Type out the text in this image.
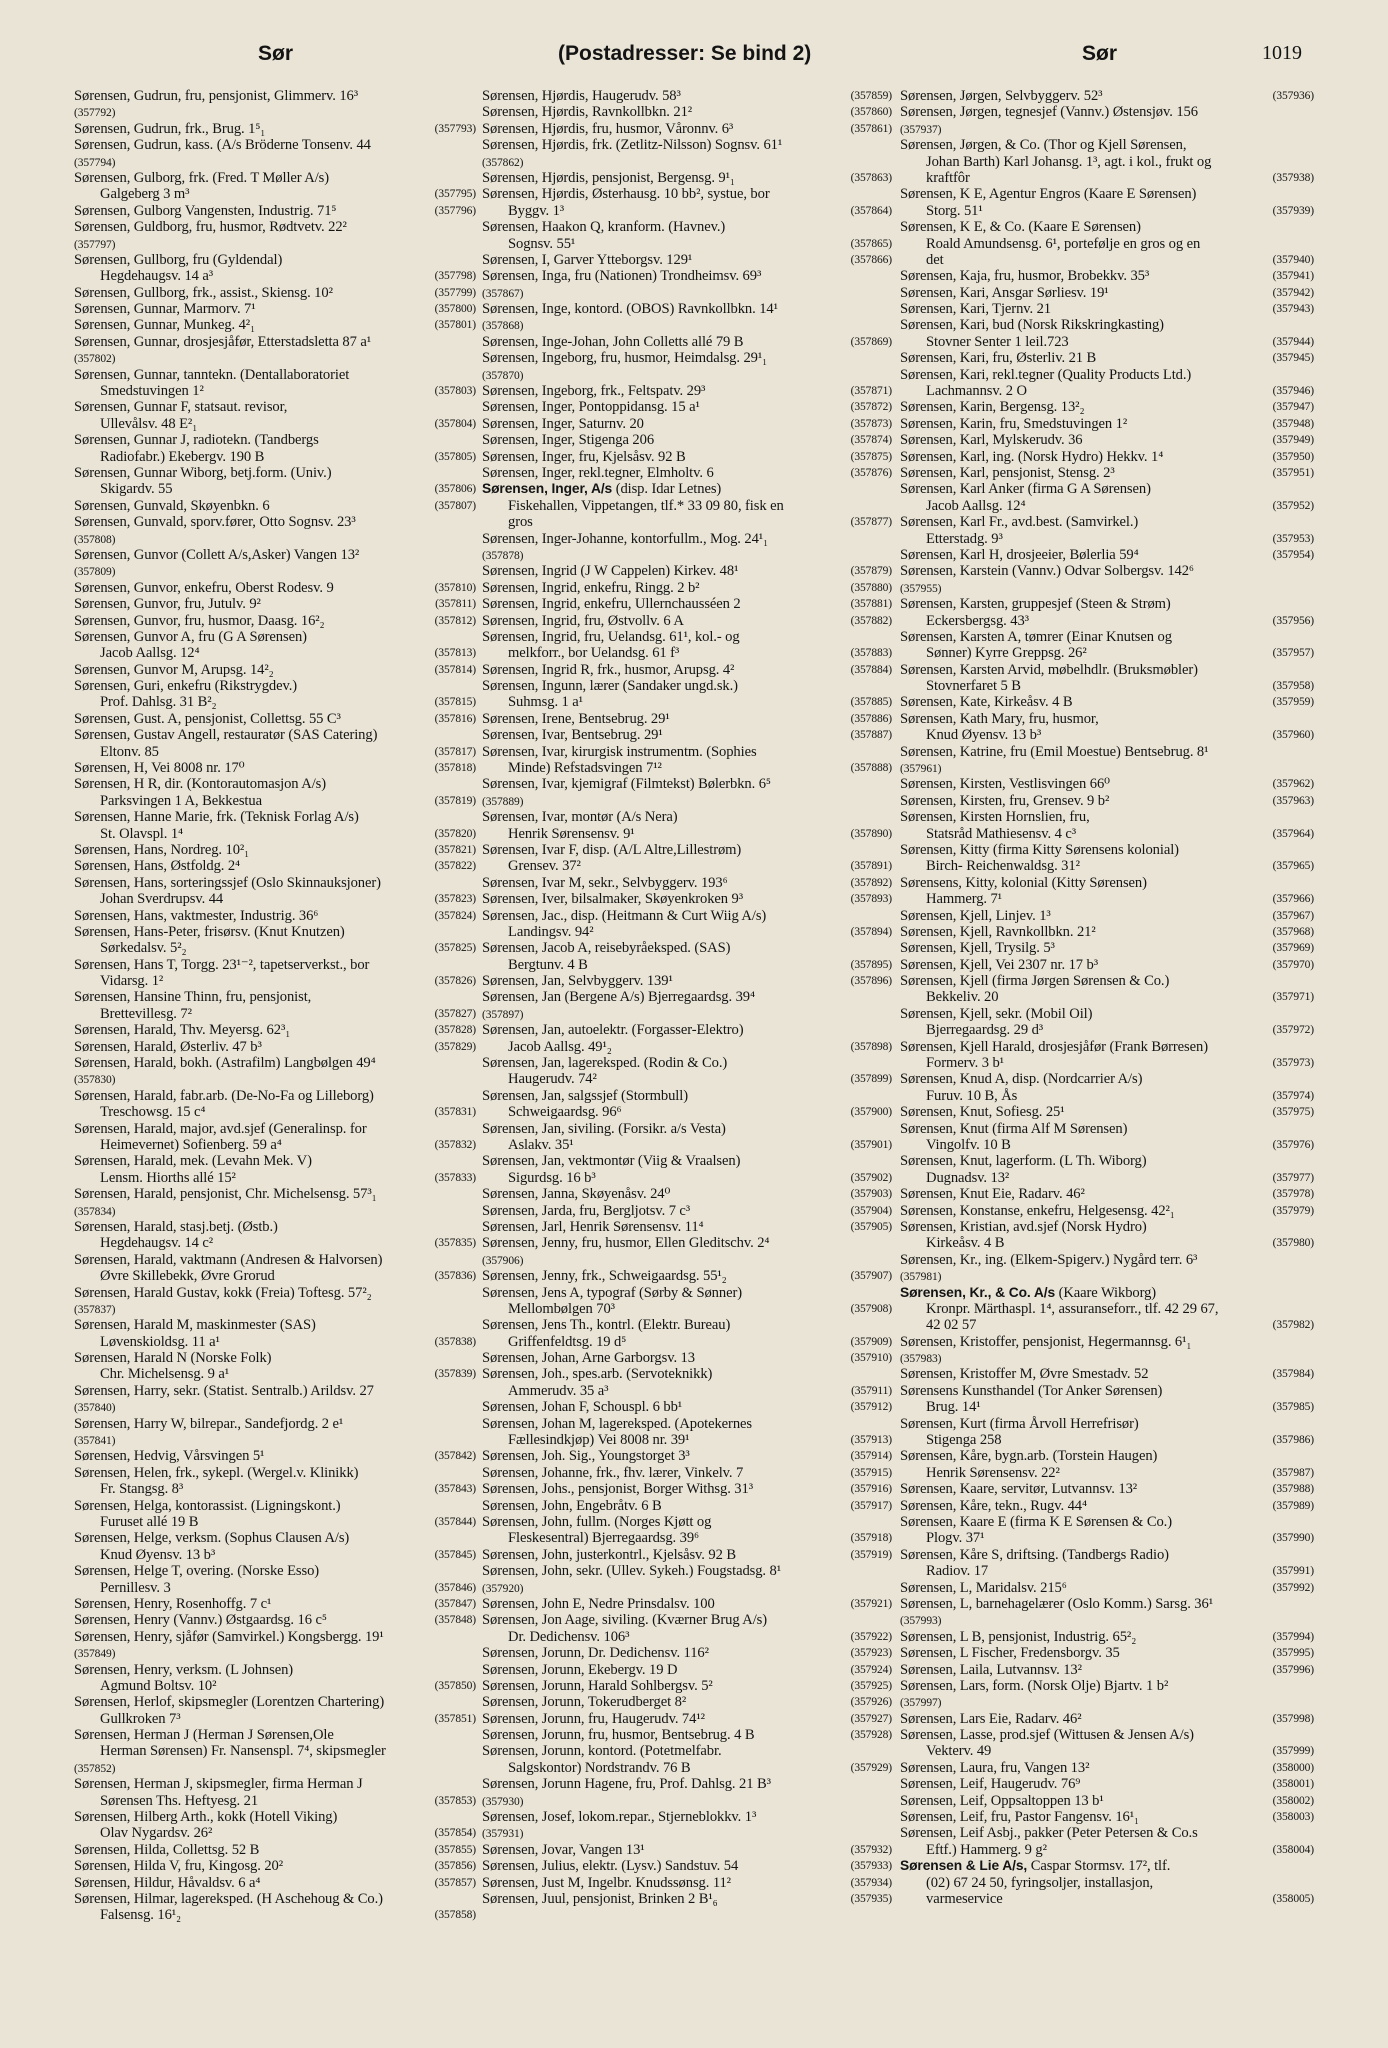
Sør	(Postadresser: Se bind 2)	Sør	1019
Sørensen, Gudrun, fru, pensjonist, Glimmerv. 16³
(357792)
Sørensen, Gudrun, frk., Brug. 1⁵₁	(357793)
Sørensen, Gudrun, kass. (A/s Bröderne Tonsenv. 44
(357794)
Sørensen, Gulborg, frk. (Fred. T Møller A/s)
Galgeberg 3 m³	(357795)
Sørensen, Gulborg Vangensten, Industrig. 71⁵	(357796)
Sørensen, Guldborg, fru, husmor, Rødtvetv. 22²
(357797)
Sørensen, Gullborg, fru (Gyldendal)
Hegdehaugsv. 14 a³	(357798)
Sørensen, Gullborg, frk., assist., Skiensg. 10²	(357799)
Sørensen, Gunnar, Marmorv. 7¹	(357800)
Sørensen, Gunnar, Munkeg. 4²₁	(357801)
Sørensen, Gunnar, drosjesjåfør, Etterstadsletta 87 a¹
(357802)
Sørensen, Gunnar, tanntekn. (Dentallaboratoriet
Smedstuvingen 1²	(357803)
Sørensen, Gunnar F, statsaut. revisor,
Ullevålsv. 48 E²₁	(357804)
Sørensen, Gunnar J, radiotekn. (Tandbergs
Radiofabr.) Ekebergv. 190 B	(357805)
Sørensen, Gunnar Wiborg, betj.form. (Univ.)
Skigardv. 55	(357806)
Sørensen, Gunvald, Skøyenbkn. 6	(357807)
Sørensen, Gunvald, sporv.fører, Otto Sognsv. 23³
(357808)
Sørensen, Gunvor (Collett A/s,Asker) Vangen 13²
(357809)
Sørensen, Gunvor, enkefru, Oberst Rodesv. 9	(357810)
Sørensen, Gunvor, fru, Jutulv. 9²	(357811)
Sørensen, Gunvor, fru, husmor, Daasg. 16²₂	(357812)
Sørensen, Gunvor A, fru (G A Sørensen)
Jacob Aallsg. 12⁴	(357813)
Sørensen, Gunvor M, Arupsg. 14²₂	(357814)
Sørensen, Guri, enkefru (Rikstrygdev.)
Prof. Dahlsg. 31 B²₂	(357815)
Sørensen, Gust. A, pensjonist, Collettsg. 55 C³	(357816)
Sørensen, Gustav Angell, restauratør (SAS Catering)
Eltonv. 85	(357817)
Sørensen, H, Vei 8008 nr. 17⁰	(357818)
Sørensen, H R, dir. (Kontorautomasjon A/s)
Parksvingen 1 A, Bekkestua	(357819)
Sørensen, Hanne Marie, frk. (Teknisk Forlag A/s)
St. Olavspl. 1⁴	(357820)
Sørensen, Hans, Nordreg. 10²₁	(357821)
Sørensen, Hans, Østfoldg. 2⁴	(357822)
Sørensen, Hans, sorteringssjef (Oslo Skinnauksjoner)
Johan Sverdrupsv. 44	(357823)
Sørensen, Hans, vaktmester, Industrig. 36⁶	(357824)
Sørensen, Hans-Peter, frisørsv. (Knut Knutzen)
Sørkedalsv. 5²₂	(357825)
Sørensen, Hans T, Torgg. 23¹⁻², tapetserverkst., bor
Vidarsg. 1²	(357826)
Sørensen, Hansine Thinn, fru, pensjonist,
Brettevillesg. 7²	(357827)
Sørensen, Harald, Thv. Meyersg. 62³₁	(357828)
Sørensen, Harald, Østerliv. 47 b³	(357829)
Sørensen, Harald, bokh. (Astrafilm) Langbølgen 49⁴
(357830)
Sørensen, Harald, fabr.arb. (De-No-Fa og Lilleborg)
Treschowsg. 15 c⁴	(357831)
Sørensen, Harald, major, avd.sjef (Generalinsp. for
Heimevernet) Sofienberg. 59 a⁴	(357832)
Sørensen, Harald, mek. (Levahn Mek. V)
Lensm. Hiorths allé 15²	(357833)
Sørensen, Harald, pensjonist, Chr. Michelsensg. 57³₁
(357834)
Sørensen, Harald, stasj.betj. (Østb.)
Hegdehaugsv. 14 c²	(357835)
Sørensen, Harald, vaktmann (Andresen & Halvorsen)
Øvre Skillebekk, Øvre Grorud	(357836)
Sørensen, Harald Gustav, kokk (Freia) Toftesg. 57²₂
(357837)
Sørensen, Harald M, maskinmester (SAS)
Løvenskioldsg. 11 a¹	(357838)
Sørensen, Harald N (Norske Folk)
Chr. Michelsensg. 9 a¹	(357839)
Sørensen, Harry, sekr. (Statist. Sentralb.) Arildsv. 27
(357840)
Sørensen, Harry W, bilrepar., Sandefjordg. 2 e¹
(357841)
Sørensen, Hedvig, Vårsvingen 5¹	(357842)
Sørensen, Helen, frk., sykepl. (Wergel.v. Klinikk)
Fr. Stangsg. 8³	(357843)
Sørensen, Helga, kontorassist. (Ligningskont.)
Furuset allé 19 B	(357844)
Sørensen, Helge, verksm. (Sophus Clausen A/s)
Knud Øyensv. 13 b³	(357845)
Sørensen, Helge T, overing. (Norske Esso)
Pernillesv. 3	(357846)
Sørensen, Henry, Rosenhoffg. 7 c¹	(357847)
Sørensen, Henry (Vannv.) Østgaardsg. 16 c⁵	(357848)
Sørensen, Henry, sjåfør (Samvirkel.) Kongsbergg. 19¹
(357849)
Sørensen, Henry, verksm. (L Johnsen)
Agmund Boltsv. 10²	(357850)
Sørensen, Herlof, skipsmegler (Lorentzen Chartering)
Gullkroken 7³	(357851)
Sørensen, Herman J (Herman J Sørensen,Ole
Herman Sørensen) Fr. Nansenspl. 7⁴, skipsmegler
(357852)
Sørensen, Herman J, skipsmegler, firma Herman J
Sørensen Ths. Heftyesg. 21	(357853)
Sørensen, Hilberg Arth., kokk (Hotell Viking)
Olav Nygardsv. 26²	(357854)
Sørensen, Hilda, Collettsg. 52 B	(357855)
Sørensen, Hilda V, fru, Kingosg. 20²	(357856)
Sørensen, Hildur, Håvaldsv. 6 a⁴	(357857)
Sørensen, Hilmar, lagereksped. (H Aschehoug & Co.)
Falsensg. 16¹₂	(357858)
Sørensen, Hjørdis, Haugerudv. 58³	(357859)
Sørensen, Hjørdis, Ravnkollbkn. 21²	(357860)
Sørensen, Hjørdis, fru, husmor, Våronnv. 6³	(357861)
Sørensen, Hjørdis, frk. (Zetlitz-Nilsson) Sognsv. 61¹
(357862)
Sørensen, Hjørdis, pensjonist, Bergensg. 9¹₁	(357863)
Sørensen, Hjørdis, Østerhausg. 10 bb², systue, bor
Byggv. 1³	(357864)
Sørensen, Haakon Q, kranform. (Havnev.)
Sognsv. 55¹	(357865)
Sørensen, I, Garver Ytteborgsv. 129¹	(357866)
Sørensen, Inga, fru (Nationen) Trondheimsv. 69³
(357867)
Sørensen, Inge, kontord. (OBOS) Ravnkollbkn. 14¹
(357868)
Sørensen, Inge-Johan, John Colletts allé 79 B	(357869)
Sørensen, Ingeborg, fru, husmor, Heimdalsg. 29¹₁
(357870)
Sørensen, Ingeborg, frk., Feltspatv. 29³	(357871)
Sørensen, Inger, Pontoppidansg. 15 a¹	(357872)
Sørensen, Inger, Saturnv. 20	(357873)
Sørensen, Inger, Stigenga 206	(357874)
Sørensen, Inger, fru, Kjelsåsv. 92 B	(357875)
Sørensen, Inger, rekl.tegner, Elmholtv. 6	(357876)
Sørensen, Inger, A/s (disp. Idar Letnes)
Fiskehallen, Vippetangen, tlf.* 33 09 80, fisk en
gros	(357877)
Sørensen, Inger-Johanne, kontorfullm., Mog. 24¹₁
(357878)
Sørensen, Ingrid (J W Cappelen) Kirkev. 48¹	(357879)
Sørensen, Ingrid, enkefru, Ringg. 2 b²	(357880)
Sørensen, Ingrid, enkefru, Ullernchausséen 2	(357881)
Sørensen, Ingrid, fru, Østvollv. 6 A	(357882)
Sørensen, Ingrid, fru, Uelandsg. 61¹, kol.- og
melkforr., bor Uelandsg. 61 f³	(357883)
Sørensen, Ingrid R, frk., husmor, Arupsg. 4²	(357884)
Sørensen, Ingunn, lærer (Sandaker ungd.sk.)
Suhmsg. 1 a¹	(357885)
Sørensen, Irene, Bentsebrug. 29¹	(357886)
Sørensen, Ivar, Bentsebrug. 29¹	(357887)
Sørensen, Ivar, kirurgisk instrumentm. (Sophies
Minde) Refstadsvingen 7¹²	(357888)
Sørensen, Ivar, kjemigraf (Filmtekst) Bølerbkn. 6⁵
(357889)
Sørensen, Ivar, montør (A/s Nera)
Henrik Sørensensv. 9¹	(357890)
Sørensen, Ivar F, disp. (A/L Altre,Lillestrøm)
Grensev. 37²	(357891)
Sørensen, Ivar M, sekr., Selvbyggerv. 193⁶	(357892)
Sørensen, Iver, bilsalmaker, Skøyenkroken 9³	(357893)
Sørensen, Jac., disp. (Heitmann & Curt Wiig A/s)
Landingsv. 94²	(357894)
Sørensen, Jacob A, reisebyråeksped. (SAS)
Bergtunv. 4 B	(357895)
Sørensen, Jan, Selvbyggerv. 139¹	(357896)
Sørensen, Jan (Bergene A/s) Bjerregaardsg. 39⁴
(357897)
Sørensen, Jan, autoelektr. (Forgasser-Elektro)
Jacob Aallsg. 49¹₂	(357898)
Sørensen, Jan, lagereksped. (Rodin & Co.)
Haugerudv. 74²	(357899)
Sørensen, Jan, salgssjef (Stormbull)
Schweigaardsg. 96⁶	(357900)
Sørensen, Jan, siviling. (Forsikr. a/s Vesta)
Aslakv. 35¹	(357901)
Sørensen, Jan, vektmontør (Viig & Vraalsen)
Sigurdsg. 16 b³	(357902)
Sørensen, Janna, Skøyenåsv. 24⁰	(357903)
Sørensen, Jarda, fru, Bergljotsv. 7 c³	(357904)
Sørensen, Jarl, Henrik Sørensensv. 11⁴	(357905)
Sørensen, Jenny, fru, husmor, Ellen Gleditschv. 2⁴
(357906)
Sørensen, Jenny, frk., Schweigaardsg. 55¹₂	(357907)
Sørensen, Jens A, typograf (Sørby & Sønner)
Mellombølgen 70³	(357908)
Sørensen, Jens Th., kontrl. (Elektr. Bureau)
Griffenfeldtsg. 19 d⁵	(357909)
Sørensen, Johan, Arne Garborgsv. 13	(357910)
Sørensen, Joh., spes.arb. (Servoteknikk)
Ammerudv. 35 a³	(357911)
Sørensen, Johan F, Schouspl. 6 bb¹	(357912)
Sørensen, Johan M, lagereksped. (Apotekernes
Fællesindkjøp) Vei 8008 nr. 39¹	(357913)
Sørensen, Joh. Sig., Youngstorget 3³	(357914)
Sørensen, Johanne, frk., fhv. lærer, Vinkelv. 7	(357915)
Sørensen, Johs., pensjonist, Borger Withsg. 31³	(357916)
Sørensen, John, Engebråtv. 6 B	(357917)
Sørensen, John, fullm. (Norges Kjøtt og
Fleskesentral) Bjerregaardsg. 39⁶	(357918)
Sørensen, John, justerkontrl., Kjelsåsv. 92 B	(357919)
Sørensen, John, sekr. (Ullev. Sykeh.) Fougstadsg. 8¹
(357920)
Sørensen, John E, Nedre Prinsdalsv. 100	(357921)
Sørensen, Jon Aage, siviling. (Kværner Brug A/s)
Dr. Dedichensv. 106³	(357922)
Sørensen, Jorunn, Dr. Dedichensv. 116²	(357923)
Sørensen, Jorunn, Ekebergv. 19 D	(357924)
Sørensen, Jorunn, Harald Sohlbergsv. 5²	(357925)
Sørensen, Jorunn, Tokerudberget 8²	(357926)
Sørensen, Jorunn, fru, Haugerudv. 74¹²	(357927)
Sørensen, Jorunn, fru, husmor, Bentsebrug. 4 B	(357928)
Sørensen, Jorunn, kontord. (Potetmelfabr.
Salgskontor) Nordstrandv. 76 B	(357929)
Sørensen, Jorunn Hagene, fru, Prof. Dahlsg. 21 B³
(357930)
Sørensen, Josef, lokom.repar., Stjerneblokkv. 1³
(357931)
Sørensen, Jovar, Vangen 13¹	(357932)
Sørensen, Julius, elektr. (Lysv.) Sandstuv. 54	(357933)
Sørensen, Just M, Ingelbr. Knudssønsg. 11²	(357934)
Sørensen, Juul, pensjonist, Brinken 2 B¹₆	(357935)
Sørensen, Jørgen, Selvbyggerv. 52³	(357936)
Sørensen, Jørgen, tegnesjef (Vannv.) Østensjøv. 156
(357937)
Sørensen, Jørgen, & Co. (Thor og Kjell Sørensen,
Johan Barth) Karl Johansg. 1³, agt. i kol., frukt og
kraftfôr	(357938)
Sørensen, K E, Agentur Engros (Kaare E Sørensen)
Storg. 51¹	(357939)
Sørensen, K E, & Co. (Kaare E Sørensen)
Roald Amundsensg. 6¹, portefølje en gros og en
det	(357940)
Sørensen, Kaja, fru, husmor, Brobekkv. 35³	(357941)
Sørensen, Kari, Ansgar Sørliesv. 19¹	(357942)
Sørensen, Kari, Tjernv. 21	(357943)
Sørensen, Kari, bud (Norsk Rikskringkasting)
Stovner Senter 1 leil.723	(357944)
Sørensen, Kari, fru, Østerliv. 21 B	(357945)
Sørensen, Kari, rekl.tegner (Quality Products Ltd.)
Lachmannsv. 2 O	(357946)
Sørensen, Karin, Bergensg. 13²₂	(357947)
Sørensen, Karin, fru, Smedstuvingen 1²	(357948)
Sørensen, Karl, Mylskerudv. 36	(357949)
Sørensen, Karl, ing. (Norsk Hydro) Hekkv. 1⁴	(357950)
Sørensen, Karl, pensjonist, Stensg. 2³	(357951)
Sørensen, Karl Anker (firma G A Sørensen)
Jacob Aallsg. 12⁴	(357952)
Sørensen, Karl Fr., avd.best. (Samvirkel.)
Etterstadg. 9³	(357953)
Sørensen, Karl H, drosjeeier, Bølerlia 59⁴	(357954)
Sørensen, Karstein (Vannv.) Odvar Solbergsv. 142⁶
(357955)
Sørensen, Karsten, gruppesjef (Steen & Strøm)
Eckersbergsg. 43³	(357956)
Sørensen, Karsten A, tømrer (Einar Knutsen og
Sønner) Kyrre Greppsg. 26²	(357957)
Sørensen, Karsten Arvid, møbelhdlr. (Bruksmøbler)
Stovnerfaret 5 B	(357958)
Sørensen, Kate, Kirkeåsv. 4 B	(357959)
Sørensen, Kath Mary, fru, husmor,
Knud Øyensv. 13 b³	(357960)
Sørensen, Katrine, fru (Emil Moestue) Bentsebrug. 8¹
(357961)
Sørensen, Kirsten, Vestlisvingen 66⁰	(357962)
Sørensen, Kirsten, fru, Grensev. 9 b²	(357963)
Sørensen, Kirsten Hornslien, fru,
Statsråd Mathiesensv. 4 c³	(357964)
Sørensen, Kitty (firma Kitty Sørensens kolonial)
Birch- Reichenwaldsg. 31²	(357965)
Sørensens, Kitty, kolonial (Kitty Sørensen)
Hammerg. 7¹	(357966)
Sørensen, Kjell, Linjev. 1³	(357967)
Sørensen, Kjell, Ravnkollbkn. 21²	(357968)
Sørensen, Kjell, Trysilg. 5³	(357969)
Sørensen, Kjell, Vei 2307 nr. 17 b³	(357970)
Sørensen, Kjell (firma Jørgen Sørensen & Co.)
Bekkeliv. 20	(357971)
Sørensen, Kjell, sekr. (Mobil Oil)
Bjerregaardsg. 29 d³	(357972)
Sørensen, Kjell Harald, drosjesjåfør (Frank Børresen)
Formerv. 3 b¹	(357973)
Sørensen, Knud A, disp. (Nordcarrier A/s)
Furuv. 10 B, Ås	(357974)
Sørensen, Knut, Sofiesg. 25¹	(357975)
Sørensen, Knut (firma Alf M Sørensen)
Vingolfv. 10 B	(357976)
Sørensen, Knut, lagerform. (L Th. Wiborg)
Dugnadsv. 13²	(357977)
Sørensen, Knut Eie, Radarv. 46²	(357978)
Sørensen, Konstanse, enkefru, Helgesensg. 42²₁	(357979)
Sørensen, Kristian, avd.sjef (Norsk Hydro)
Kirkeåsv. 4 B	(357980)
Sørensen, Kr., ing. (Elkem-Spigerv.) Nygård terr. 6³
(357981)
Sørensen, Kr., & Co. A/s (Kaare Wikborg)
Kronpr. Märthaspl. 1⁴, assuranseforr., tlf. 42 29 67,
42 02 57	(357982)
Sørensen, Kristoffer, pensjonist, Hegermannsg. 6¹₁
(357983)
Sørensen, Kristoffer M, Øvre Smestadv. 52	(357984)
Sørensens Kunsthandel (Tor Anker Sørensen)
Brug. 14¹	(357985)
Sørensen, Kurt (firma Årvoll Herrefrisør)
Stigenga 258	(357986)
Sørensen, Kåre, bygn.arb. (Torstein Haugen)
Henrik Sørensensv. 22²	(357987)
Sørensen, Kaare, servitør, Lutvannsv. 13²	(357988)
Sørensen, Kåre, tekn., Rugv. 44⁴	(357989)
Sørensen, Kaare E (firma K E Sørensen & Co.)
Plogv. 37¹	(357990)
Sørensen, Kåre S, driftsing. (Tandbergs Radio)
Radiov. 17	(357991)
Sørensen, L, Maridalsv. 215⁶	(357992)
Sørensen, L, barnehagelærer (Oslo Komm.) Sarsg. 36¹
(357993)
Sørensen, L B, pensjonist, Industrig. 65²₂	(357994)
Sørensen, L Fischer, Fredensborgv. 35	(357995)
Sørensen, Laila, Lutvannsv. 13²	(357996)
Sørensen, Lars, form. (Norsk Olje) Bjartv. 1 b²
(357997)
Sørensen, Lars Eie, Radarv. 46²	(357998)
Sørensen, Lasse, prod.sjef (Wittusen & Jensen A/s)
Vekterv. 49	(357999)
Sørensen, Laura, fru, Vangen 13²	(358000)
Sørensen, Leif, Haugerudv. 76⁹	(358001)
Sørensen, Leif, Oppsaltoppen 13 b¹	(358002)
Sørensen, Leif, fru, Pastor Fangensv. 16¹₁	(358003)
Sørensen, Leif Asbj., pakker (Peter Petersen & Co.s
Eftf.) Hammerg. 9 g²	(358004)
Sørensen & Lie A/s, Caspar Stormsv. 17², tlf.
(02) 67 24 50, fyringsoljer, installasjon,
varmeservice	(358005)
